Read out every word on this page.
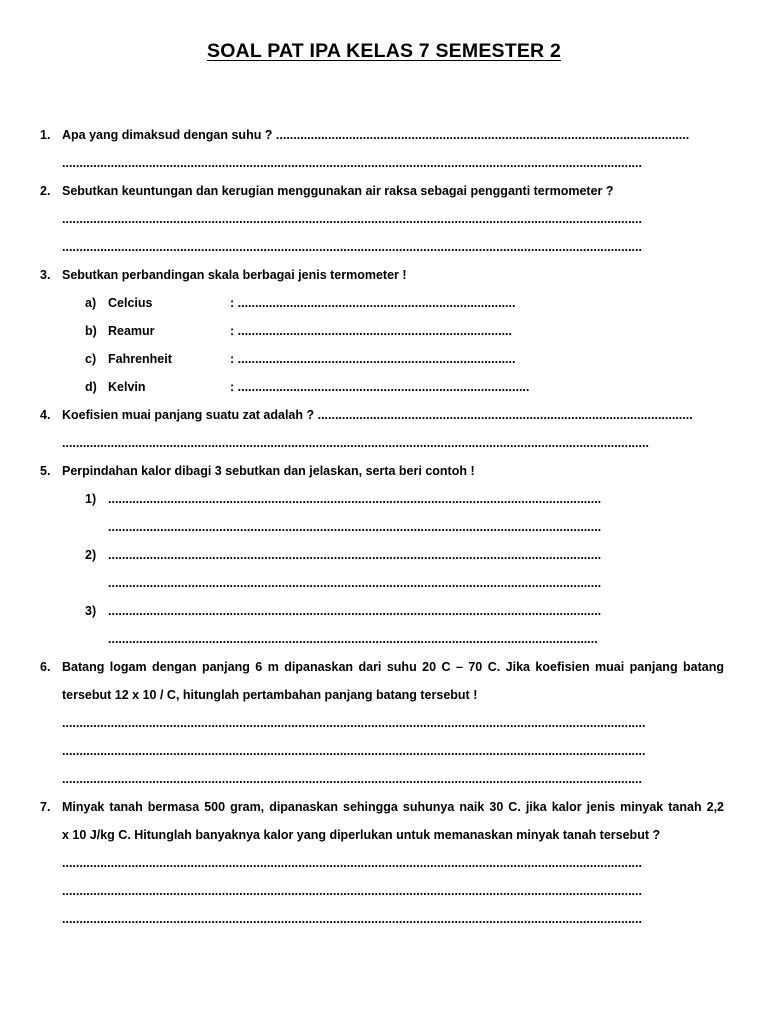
SOAL PAT IPA KELAS 7 SEMESTER 2
1. Apa yang dimaksud dengan suhu ? .......................................................................................................................
.......................................................................................................................................................................
2. Sebutkan keuntungan dan kerugian menggunakan air raksa sebagai pengganti termometer ?
.......................................................................................................................................................................
.......................................................................................................................................................................
3. Sebutkan perbandingan skala berbagai jenis termometer !
a) Celcius	: ................................................................................
b) Reamur	: ...............................................................................
c) Fahrenheit	: ................................................................................
d) Kelvin	: ....................................................................................
4. Koefisien muai panjang suatu zat adalah ? ............................................................................................................
.........................................................................................................................................................................
5. Perpindahan kalor dibagi 3 sebutkan dan jelaskan, serta beri contoh !
1) ..............................................................................................................................................
..............................................................................................................................................
2) ..............................................................................................................................................
..............................................................................................................................................
3) ..............................................................................................................................................
.............................................................................................................................................
6. Batang logam dengan panjang 6 m dipanaskan dari suhu 20 C – 70 C. Jika koefisien muai panjang batang
tersebut 12 x 10 / C, hitunglah pertambahan panjang batang tersebut !
........................................................................................................................................................................
........................................................................................................................................................................
.......................................................................................................................................................................
7. Minyak tanah bermasa 500 gram, dipanaskan sehingga suhunya naik 30 C. jika kalor jenis minyak tanah 2,2
x 10 J/kg C. Hitunglah banyaknya kalor yang diperlukan untuk memanaskan minyak tanah tersebut ?
.......................................................................................................................................................................
.......................................................................................................................................................................
.......................................................................................................................................................................
